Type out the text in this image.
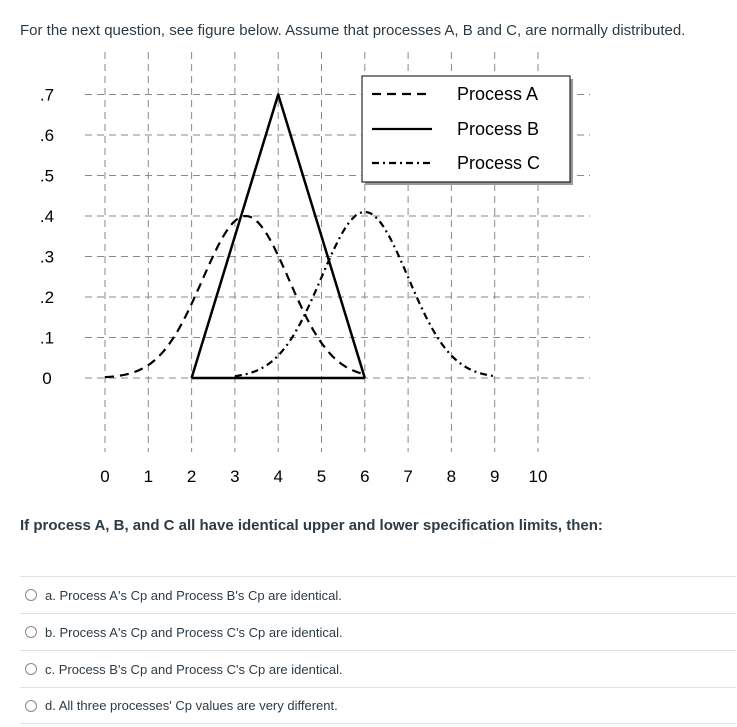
For the next question, see figure below. Assume that processes A, B and C, are normally distributed.

0 1 2 3 4 5 6 7 8 9 10
.7
.6
.5
.4
.3
.2
.1
0
Process A
Process B
Process C

If process A, B, and C all have identical upper and lower specification limits, then:

a. Process A's Cp and Process B's Cp are identical.
b. Process A's Cp and Process C's Cp are identical.
c. Process B's Cp and Process C's Cp are identical.
d. All three processes' Cp values are very different.
